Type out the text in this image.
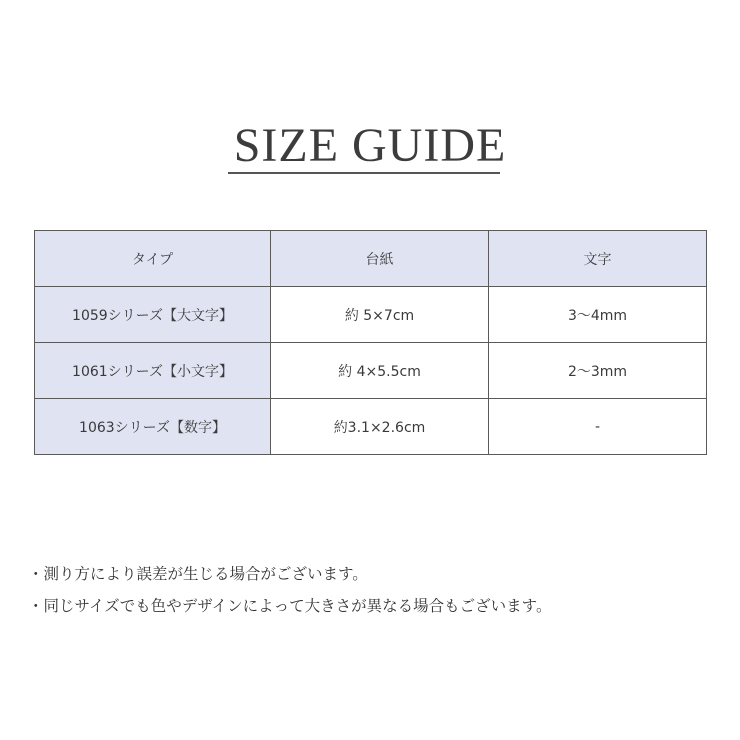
SIZE GUIDE
タイプ	台紙	文字
1059シリーズ【大文字】	約 5×7cm	3〜4mm
1061シリーズ【小文字】	約 4×5.5cm	2〜3mm
1063シリーズ【数字】	約3.1×2.6cm	-
・測り方により誤差が生じる場合がございます。
・同じサイズでも色やデザインによって大きさが異なる場合もございます。
